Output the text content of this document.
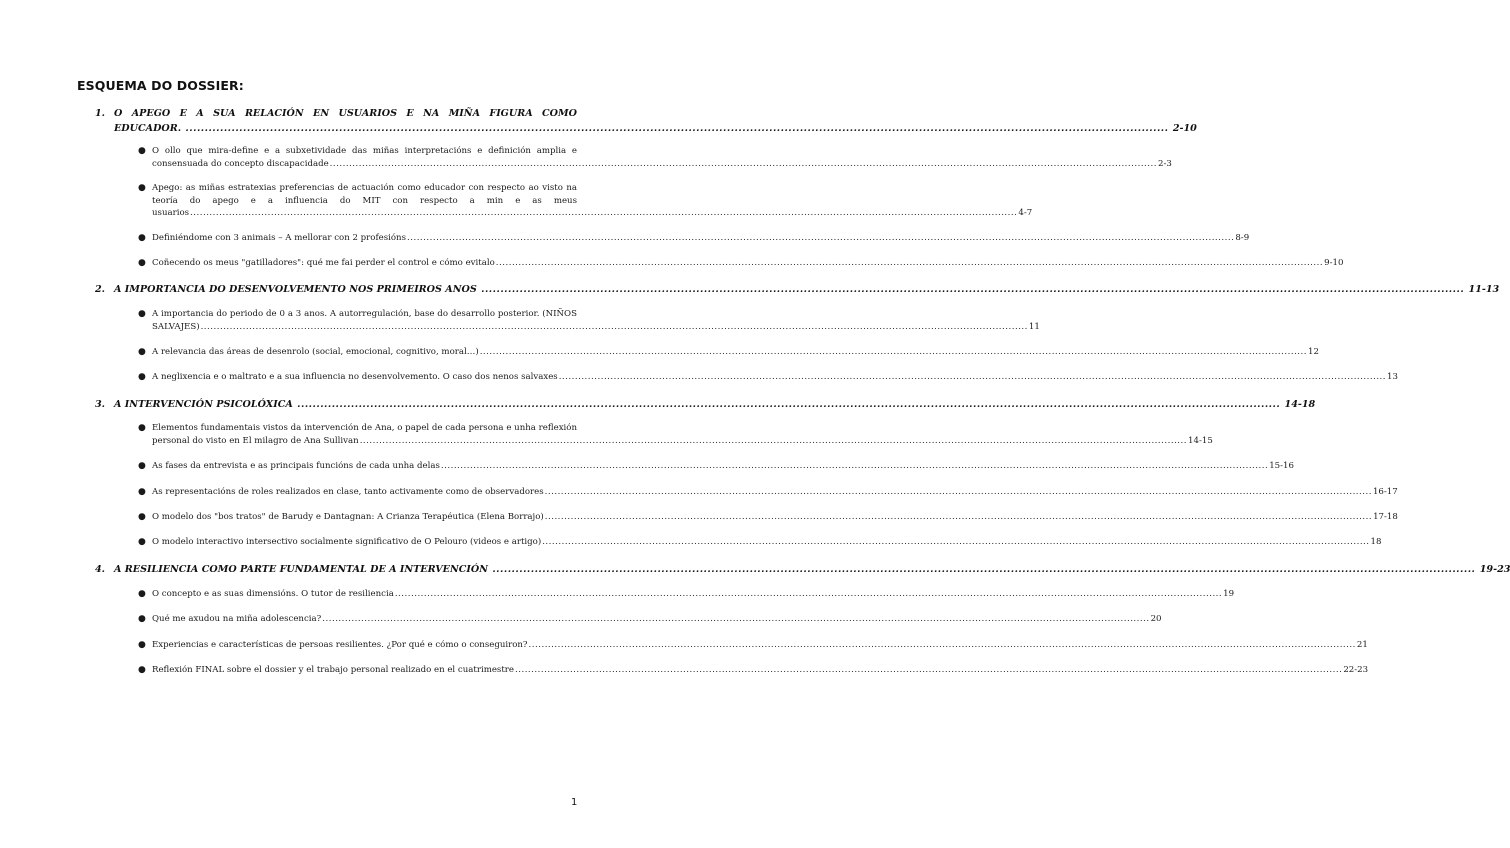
ESQUEMA DO DOSSIER:
1. O APEGO E A SUA RELACIÓN EN USUARIOS E NA MIÑA FIGURA COMO
EDUCADOR. .....	2-10
● O ollo que mira-define e a subxetividade das miñas interpretacións e definición amplia e
consensuada do concepto discapacidade .....	2-3
● Apego: as miñas estratexias preferencias de actuación como educador con respecto ao visto na
teoría do apego e a influencia do MIT con respecto a min e as meus
usuarios .....	4-7
● Definiéndome con 3 animais – A mellorar con 2 profesións .....	8-9
● Coñecendo os meus "gatilladores": qué me fai perder el control e cómo evitalo .....	9-10
2. A IMPORTANCIA DO DESENVOLVEMENTO NOS PRIMEIROS ANOS .....	11-13
● A importancia do periodo de 0 a 3 anos. A autorregulación, base do desarrollo posterior. (NIÑOS
SALVAJES) .....	11
● A relevancia das áreas de desenrolo (social, emocional, cognitivo, moral…) .....	12
● A neglixencia e o maltrato e a sua influencia no desenvolvemento. O caso dos nenos salvaxes .....	13
3. A INTERVENCIÓN PSICOLÓXICA .....	14-18
● Elementos fundamentais vistos da intervención de Ana, o papel de cada persona e unha reflexión
personal do visto en El milagro de Ana Sullivan .....	14-15
● As fases da entrevista e as principais funcións de cada unha delas .....	15-16
● As representacións de roles realizados en clase, tanto activamente como de observadores .....	16-17
● O modelo dos "bos tratos" de Barudy e Dantagnan: A Crianza Terapéutica (Elena Borrajo) .....	17-18
● O modelo interactivo intersectivo socialmente significativo de O Pelouro (videos e artigo) .....	18
4. A RESILIENCIA COMO PARTE FUNDAMENTAL DE A INTERVENCIÓN .....	19-23
● O concepto e as suas dimensións. O tutor de resiliencia .....	19
● Qué me axudou na miña adolescencia? .....	20
● Experiencias e características de persoas resilientes. ¿Por qué e cómo o conseguiron? .....	21
● Reflexión FINAL sobre el dossier y el trabajo personal realizado en el cuatrimestre .....	22-23
1
